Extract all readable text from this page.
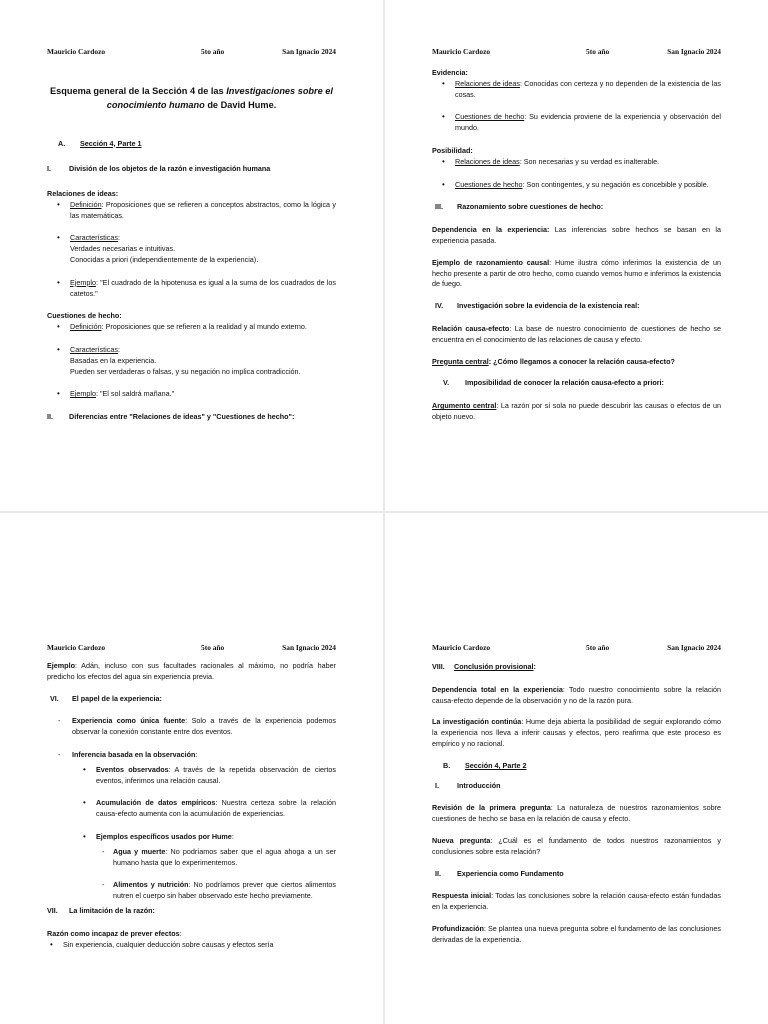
Mauricio Cardozo	5to año	San Ignacio 2024

Esquema general de la Sección 4 de las Investigaciones sobre el conocimiento humano de David Hume.

A.	Sección 4, Parte 1
I.	División de los objetos de la razón e investigación humana

Relaciones de ideas:

• Definición: Proposiciones que se refieren a conceptos abstractos, como la lógica y las matemáticas.
• Características:
Verdades necesarias e intuitivas.
Conocidas a priori (independientemente de la experiencia).
• Ejemplo: "El cuadrado de la hipotenusa es igual a la suma de los cuadrados de los catetos."

Cuestiones de hecho:

• Definición: Proposiciones que se refieren a la realidad y al mundo externo.
• Características:
Basadas en la experiencia.
Pueden ser verdaderas o falsas, y su negación no implica contradicción.
• Ejemplo: "El sol saldrá mañana."
II.	Diferencias entre "Relaciones de ideas" y "Cuestiones de hecho":
Mauricio Cardozo	5to año	San Ignacio 2024

Evidencia:

• Relaciones de ideas: Conocidas con certeza y no dependen de la existencia de las cosas.
• Cuestiones de hecho: Su evidencia proviene de la experiencia y observación del mundo.

Posibilidad:

• Relaciones de ideas: Son necesarias y su verdad es inalterable.
• Cuestiones de hecho: Son contingentes, y su negación es concebible y posible.
III.	Razonamiento sobre cuestiones de hecho:

Dependencia en la experiencia: Las inferencias sobre hechos se basan en la experiencia pasada.

Ejemplo de razonamiento causal: Hume ilustra cómo inferimos la existencia de un hecho presente a partir de otro hecho, como cuando vemos humo e inferimos la existencia de fuego.

IV.	Investigación sobre la evidencia de la existencia real:

Relación causa-efecto: La base de nuestro conocimiento de cuestiones de hecho se encuentra en el conocimiento de las relaciones de causa y efecto.

Pregunta central: ¿Cómo llegamos a conocer la relación causa-efecto?

V.	Imposibilidad de conocer la relación causa-efecto a priori:

Argumento central: La razón por sí sola no puede descubrir las causas o efectos de un objeto nuevo.

Mauricio Cardozo	5to año	San Ignacio 2024

Ejemplo: Adán, incluso con sus facultades racionales al máximo, no podría haber predicho los efectos del agua sin experiencia previa.

VI.	El papel de la experiencia:
- Experiencia como única fuente: Solo a través de la experiencia podemos observar la conexión constante entre dos eventos.
- Inferencia basada en la observación:
• Eventos observados: A través de la repetida observación de ciertos eventos, inferimos una relación causal.
• Acumulación de datos empíricos: Nuestra certeza sobre la relación causa-efecto aumenta con la acumulación de experiencias.
• Ejemplos específicos usados por Hume:
- Agua y muerte: No podríamos saber que el agua ahoga a un ser humano hasta que lo experimentemos.
- Alimentos y nutrición: No podríamos prever que ciertos alimentos nutren el cuerpo sin haber observado este hecho previamente.
VII.	La limitación de la razón:

Razón como incapaz de prever efectos:

• Sin experiencia, cualquier deducción sobre causas y efectos sería
Mauricio Cardozo	5to año	San Ignacio 2024
VIII.	Conclusión provisional:

Dependencia total en la experiencia: Todo nuestro conocimiento sobre la relación causa-efecto depende de la observación y no de la razón pura.

La investigación continúa: Hume deja abierta la posibilidad de seguir explorando cómo la experiencia nos lleva a inferir causas y efectos, pero reafirma que este proceso es empírico y no racional.

B.	Sección 4, Parte 2
I.	Introducción

Revisión de la primera pregunta: La naturaleza de nuestros razonamientos sobre cuestiones de hecho se basa en la relación de causa y efecto.

Nueva pregunta: ¿Cuál es el fundamento de todos nuestros razonamientos y conclusiones sobre esta relación?

II.	Experiencia como Fundamento

Respuesta inicial: Todas las conclusiones sobre la relación causa-efecto están fundadas en la experiencia.

Profundización: Se plantea una nueva pregunta sobre el fundamento de las conclusiones derivadas de la experiencia.
